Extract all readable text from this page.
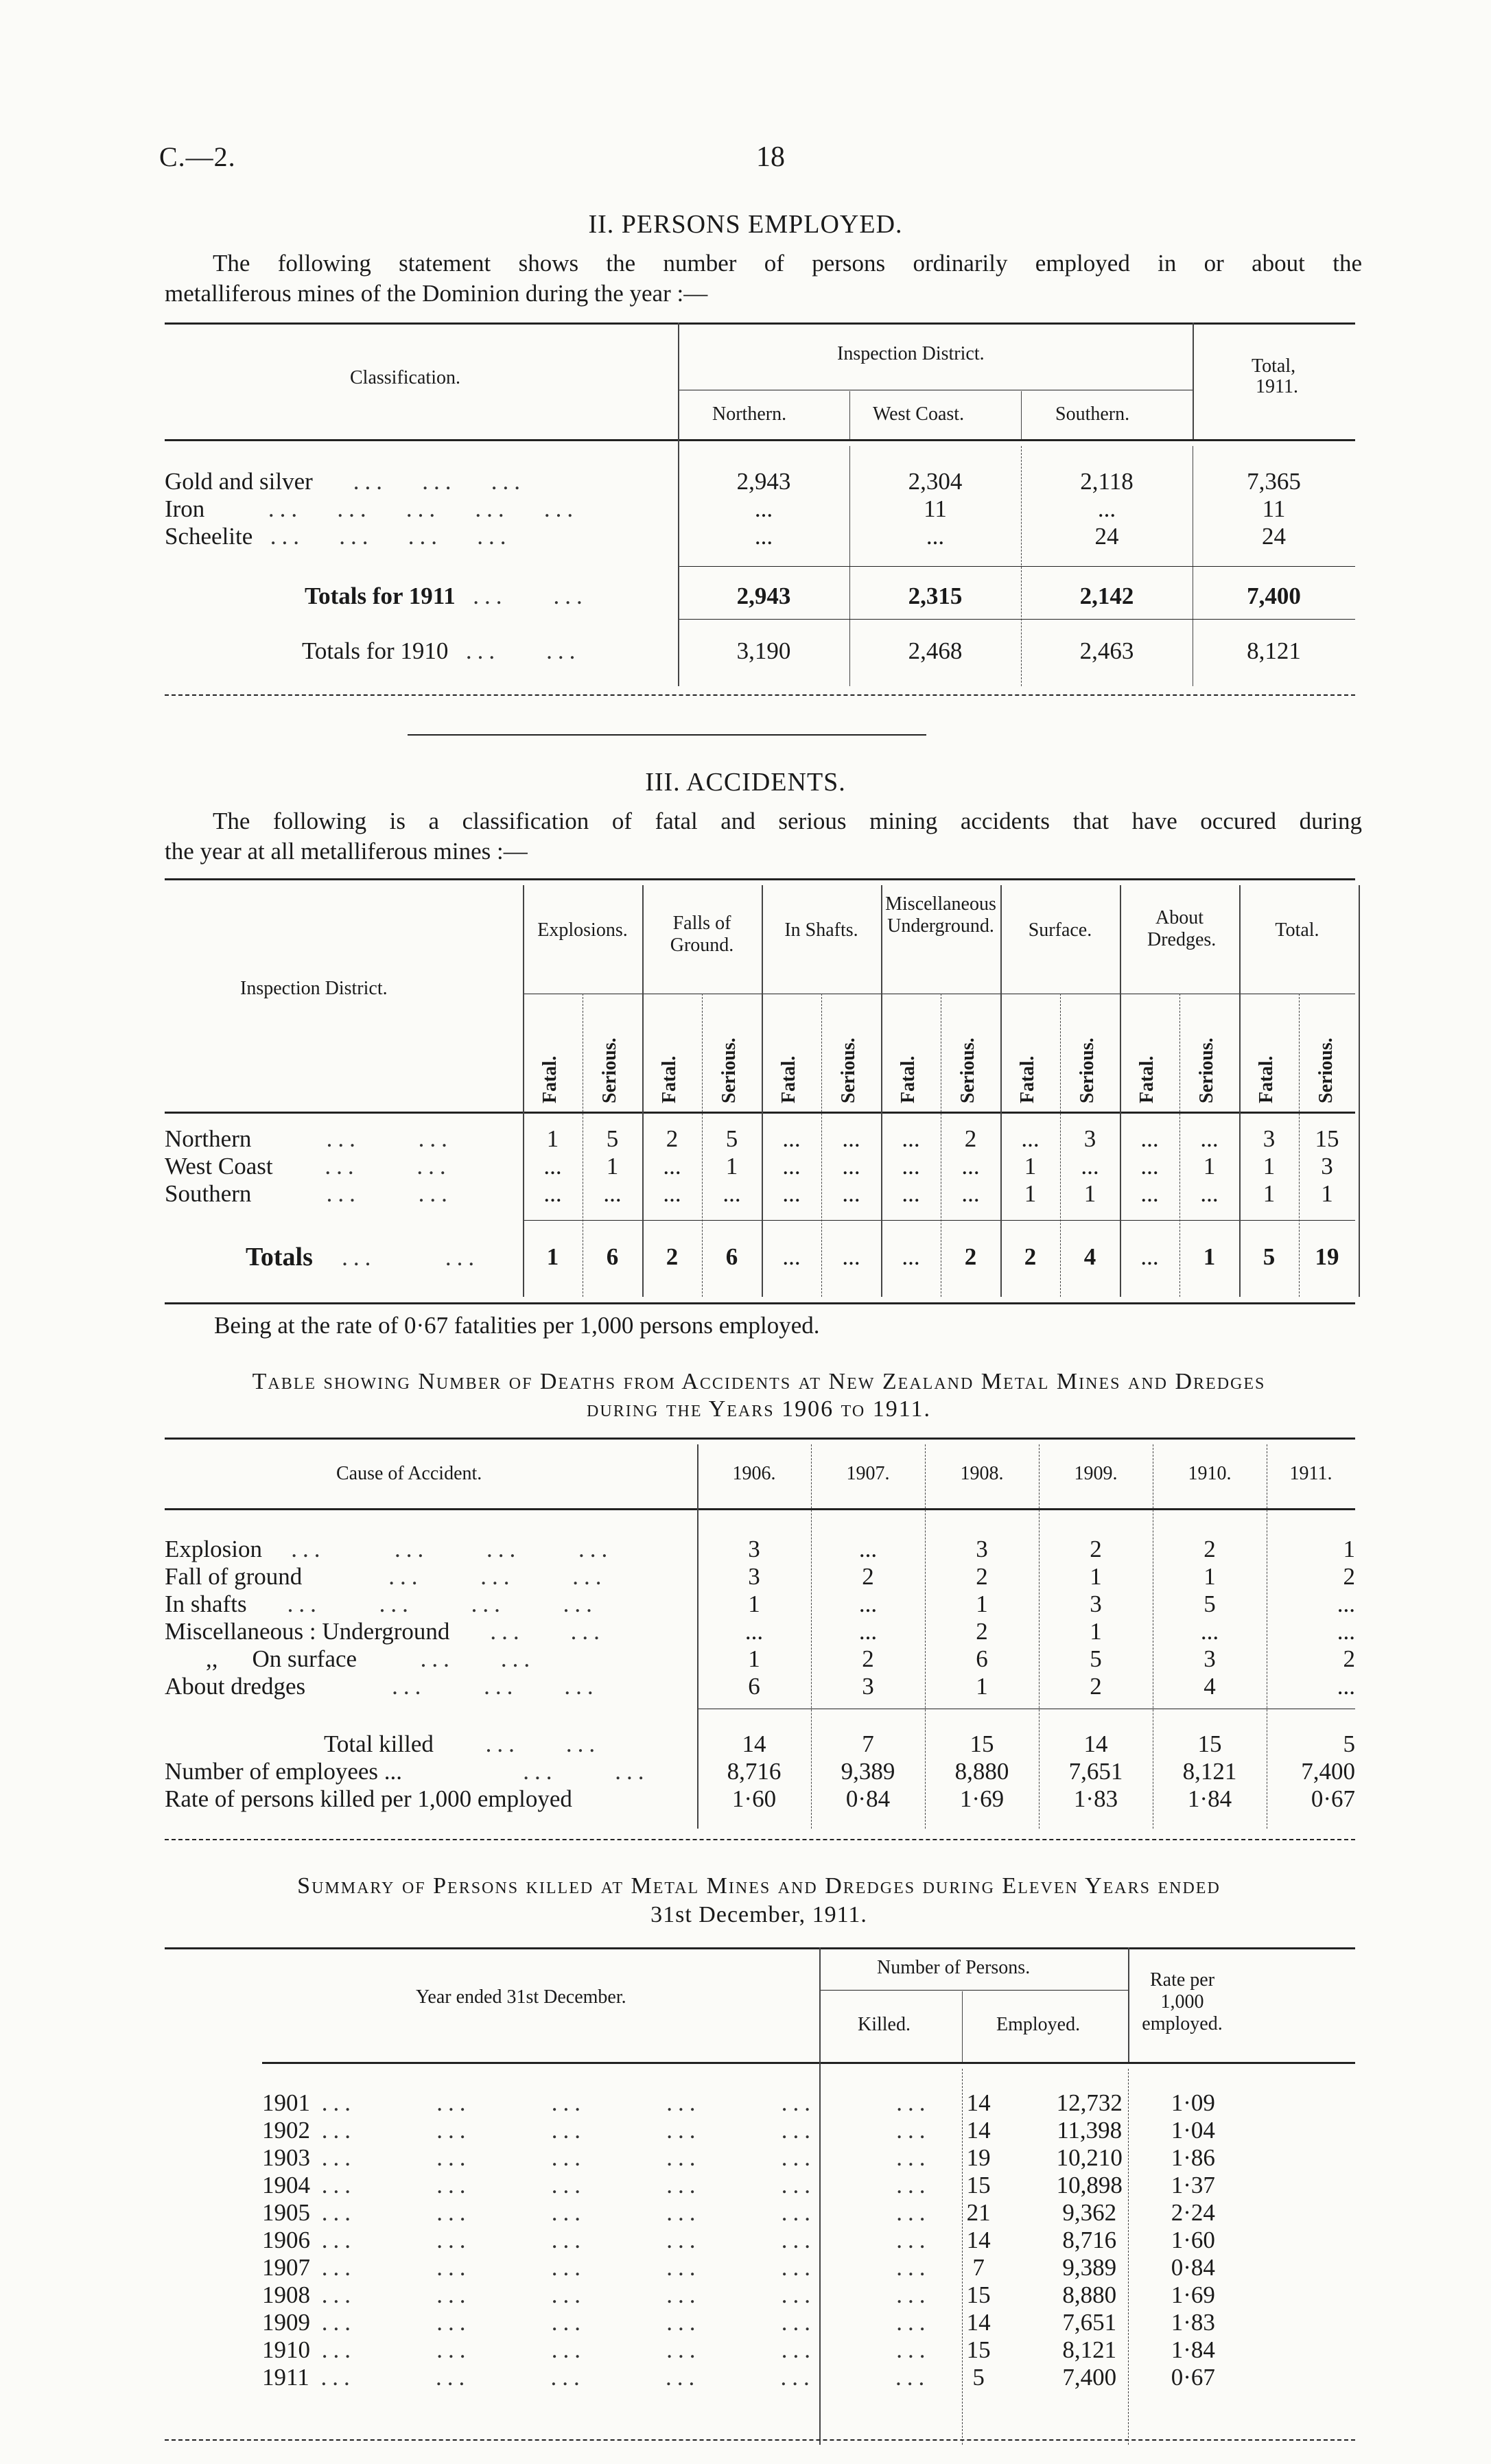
C.—2.	18
II. PERSONS EMPLOYED.
The following statement shows the number of persons ordinarily employed in or about the
metalliferous mines of the Dominion during the year :—
Classification.
Inspection District.
Northern.	West Coast.	Southern.
Total,
1911.
Gold and silver    ...   ...   ...	2,943	2,304	2,118	7,365
Iron      ...   ...   ...   ...   ...	...	11	...	11
Scheelite  ...   ...   ...   ...	...	...	24	24
Totals for 1911  ...    ...	2,943	2,315	2,142	7,400
Totals for 1910  ...    ...	3,190	2,468	2,463	8,121
III. ACCIDENTS.
The following is a classification of fatal and serious mining accidents that have occured during
the year at all metalliferous mines :—
Inspection District.
Explosions.	Falls of Ground.
In Shafts.
Miscellaneous Underground.	Surface.
About Dredges.	Total.
Fatal. Serious. Fatal. Serious. Fatal. Serious. Fatal. Serious. Fatal. Serious. Fatal. Serious. Fatal. Serious.
Northern       ...     ...	1	5	2	5	...	...	...	2	...	3	...	...	3	15
West Coast     ...     ...	...	1	...	1	...	...	...	...	1	...	...	1	1	3
Southern       ...     ...	...	...	...	...	...	...	...	...	1	1	...	...	1	1
Totals   ...      ...	1	6	2	6	...	...	...	2	2	4	...	1	5	19
Being at the rate of 0·67 fatalities per 1,000 persons employed.
Table showing Number of Deaths from Accidents at New Zealand Metal Mines and Dredges
during the Years 1906 to 1911.
Cause of Accident.	1906.	1907.	1908.	1909.	1910.	1911.
Explosion   ...      ...     ...     ...	3	...	3	2	2	1
Fall of ground        ...     ...     ...	3	2	2	1	1	2
In shafts    ...     ...     ...     ...	1	...	1	3	5	...
Miscellaneous : Underground    ...    ...	...	...	2	1	...	...
,, On surface      ...    ...	1	2	6	5	3	2
About dredges        ...     ...    ...	6	3	1	2	4	...
Total killed     ...    ...	14	7	15	14	15	5
Number of employees ...           ...     ...	8,716	9,389	8,880	7,651	8,121	7,400
Rate of persons killed per 1,000 employed	1·60	0·84	1·69	1·83	1·84	0·67
Summary of Persons killed at Metal Mines and Dredges during Eleven Years ended
31st December, 1911.
Year ended 31st December.
Number of Persons.
Killed.	Employed.
Rate per 1,000 employed.
1901 ...       ...       ...       ...       ...       ...	14	12,732	1·09
1902 ...       ...       ...       ...       ...       ...	14	11,398	1·04
1903 ...       ...       ...       ...       ...       ...	19	10,210	1·86
1904 ...       ...       ...       ...       ...       ...	15	10,898	1·37
1905 ...       ...       ...       ...       ...       ...	21	9,362	2·24
1906 ...       ...       ...       ...       ...       ...	14	8,716	1·60
1907 ...       ...       ...       ...       ...       ...	7	9,389	0·84
1908 ...       ...       ...       ...       ...       ...	15	8,880	1·69
1909 ...       ...       ...       ...       ...       ...	14	7,651	1·83
1910 ...       ...       ...       ...       ...       ...	15	8,121	1·84
1911 ...       ...       ...       ...       ...       ...	5	7,400	0·67
